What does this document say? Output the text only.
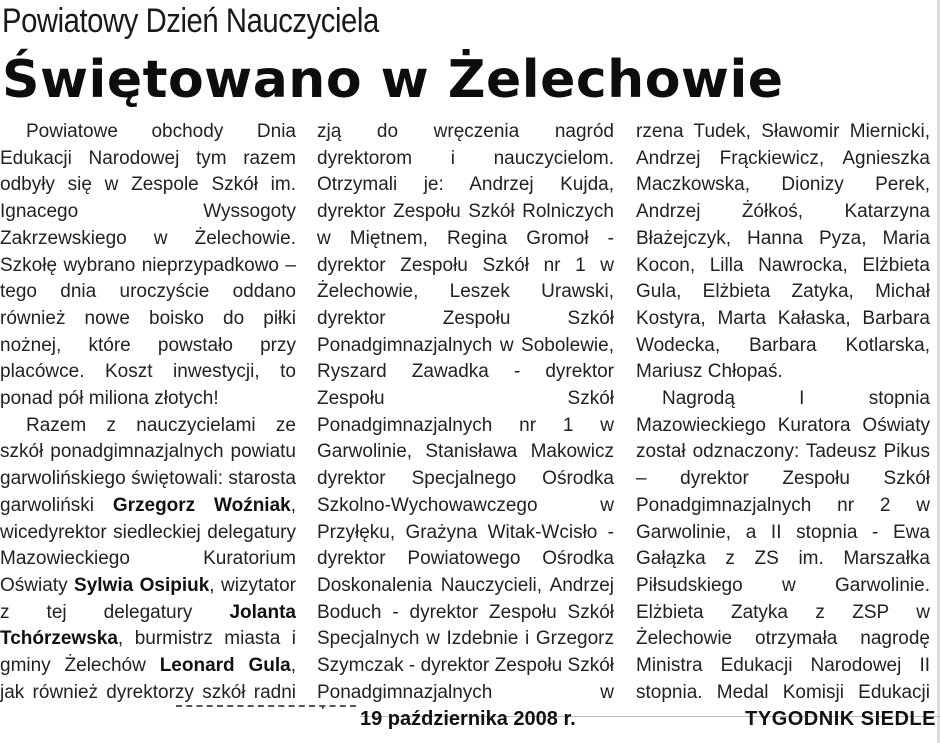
Powiatowy Dzień Nauczyciela
Świętowano w Żelechowie

Powiatowe obchody Dnia Edukacji Narodowej tym razem odbyły się w Zespole Szkół im. Ignacego Wyssogoty Zakrzewskiego w Żelechowie. Szkołę wybrano nieprzypadkowo – tego dnia uroczyście oddano również nowe boisko do piłki nożnej, które powstało przy placówce. Koszt inwestycji, to ponad pół miliona złotych!

Razem z nauczycielami ze szkół ponadgimnazjalnych powiatu garwolińskiego świętowali: starosta garwoliński Grzegorz Woźniak, wicedyrektor siedleckiej delegatury Mazowieckiego Kuratorium Oświaty Sylwia Osipiuk, wizytator z tej delegatury Jolanta Tchórzewska, burmistrz miasta i gminy Żelechów Leonard Gula, jak również dyrektorzy szkół radni

zją do wręczenia nagród dyrektorom i nauczycielom. Otrzymali je: Andrzej Kujda, dyrektor Zespołu Szkół Rolniczych w Miętnem, Regina Gromoł - dyrektor Zespołu Szkół nr 1 w Żelechowie, Leszek Urawski, dyrektor Zespołu Szkół Ponadgimnazjalnych w Sobolewie, Ryszard Zawadka - dyrektor Zespołu Szkół Ponadgimnazjalnych nr 1 w Garwolinie, Stanisława Makowicz dyrektor Specjalnego Ośrodka Szkolno-Wychowawczego w Przyłęku, Grażyna Witak-Wcisło - dyrektor Powiatowego Ośrodka Doskonalenia Nauczycieli, Andrzej Boduch - dyrektor Zespołu Szkół Specjalnych w Izdebnie i Grzegorz Szymczak - dyrektor Zespołu Szkół Ponadgimnazjalnych w

rzena Tudek, Sławomir Miernicki, Andrzej Frąckiewicz, Agnieszka Maczkowska, Dionizy Perek, Andrzej Żółkoś, Katarzyna Błażejczyk, Hanna Pyza, Maria Kocon, Lilla Nawrocka, Elżbieta Gula, Elżbieta Zatyka, Michał Kostyra, Marta Kałaska, Barbara Wodecka, Barbara Kotlarska, Mariusz Chłopaś.

Nagrodą I stopnia Mazowieckiego Kuratora Oświaty został odznaczony: Tadeusz Pikus – dyrektor Zespołu Szkół Ponadgimnazjalnych nr 2 w Garwolinie, a II stopnia - Ewa Gałązka z ZS im. Marszałka Piłsudskiego w Garwolinie. Elżbieta Zatyka z ZSP w Żelechowie otrzymała nagrodę Ministra Edukacji Narodowej II stopnia. Medal Komisji Edukacji

19 października 2008 r.	TYGODNIK SIEDLE
